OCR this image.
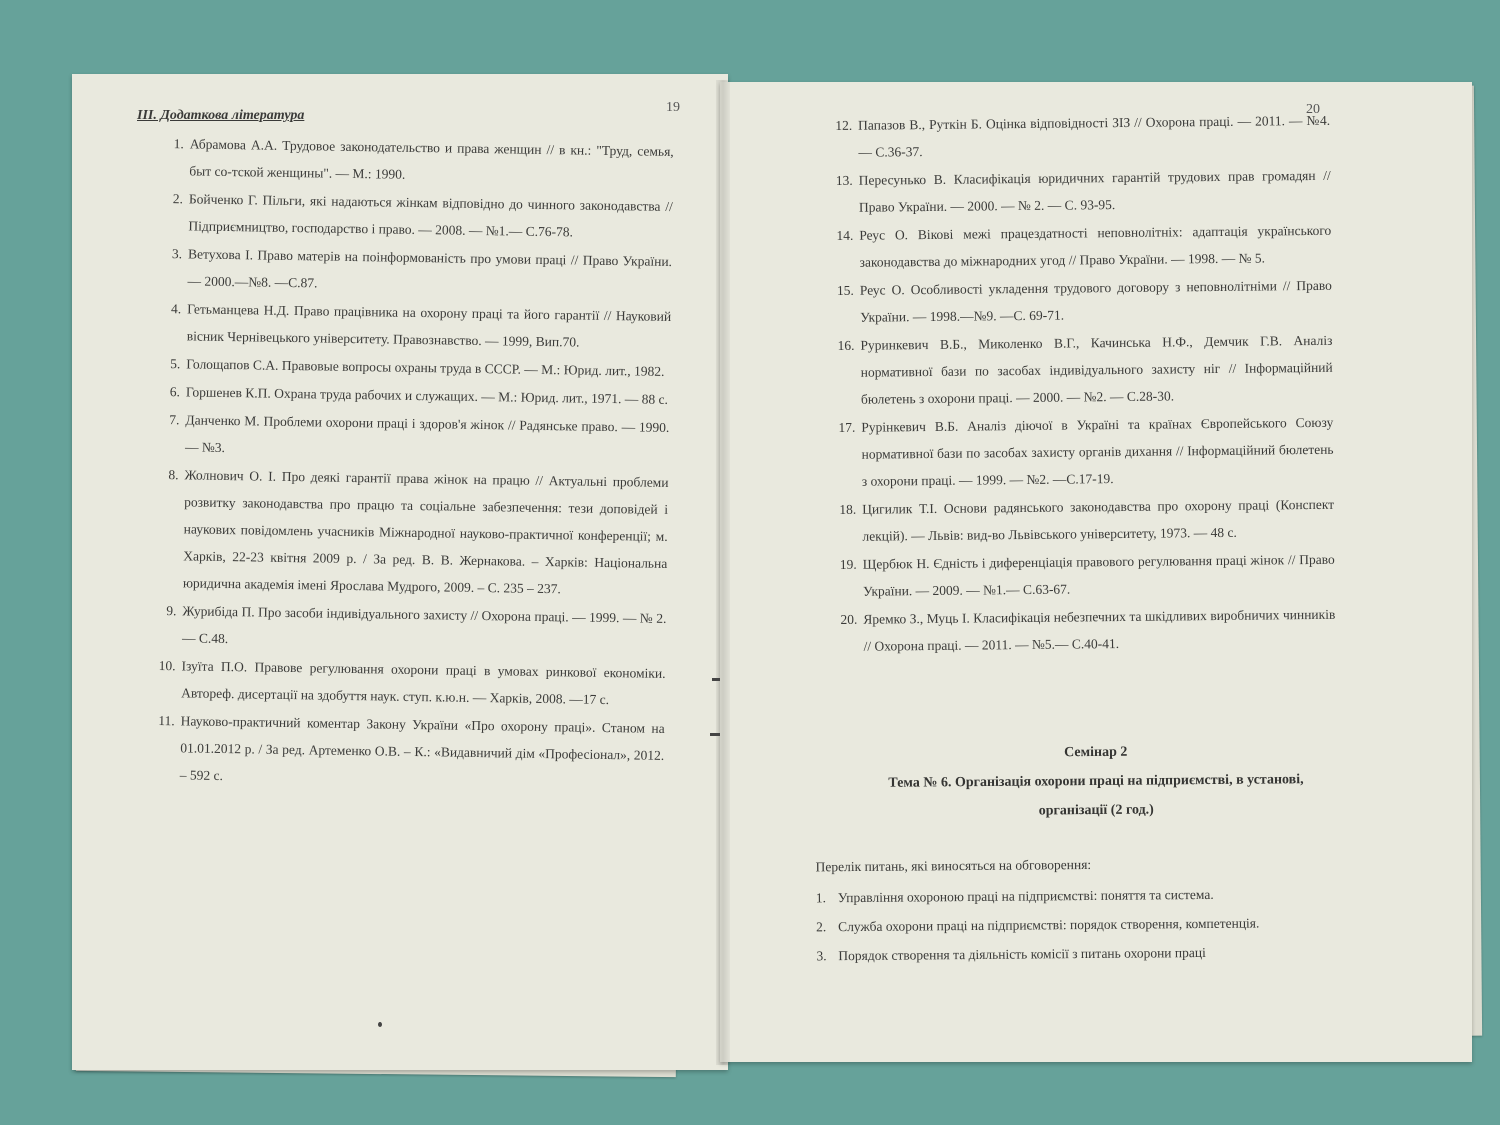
ІІІ. Додаткова література
19
1. Абрамова А.А. Трудовое законодательство и права женщин // в кн.: "Труд, семья, быт со-тской женщины". — М.: 1990.
2. Бойченко Г. Пільги, які надаються жінкам відповідно до чинного законодавства // Підприємництво, господарство і право. — 2008. — №1.— С.76-78.
3. Ветухова І. Право матерів на поінформованість про умови праці // Право України. — 2000.—№8. —С.87.
4. Гетьманцева Н.Д. Право працівника на охорону праці та його гарантії // Науковий вісник Чернівецького університету. Правознавство. — 1999, Вип.70.
5. Голощапов С.А. Правовые вопросы охраны труда в СССР. — М.: Юрид. лит., 1982.
6. Горшенев К.П. Охрана труда рабочих и служащих. — М.: Юрид. лит., 1971. — 88 с.
7. Данченко М. Проблеми охорони праці і здоров'я жінок // Радянське право. — 1990.— №3.
8. Жолнович О. І. Про деякі гарантії права жінок на працю // Актуальні проблеми розвитку законодавства про працю та соціальне забезпечення: тези доповідей і наукових повідомлень учасників Міжнародної науково-практичної конференції; м. Харків, 22-23 квітня 2009 р. / За ред. В. В. Жернакова. – Харків: Національна юридична академія імені Ярослава Мудрого, 2009. – С. 235 – 237.
9. Журибіда П. Про засоби індивідуального захисту // Охорона праці. — 1999. — № 2.— С.48.
10. Ізуїта П.О. Правове регулювання охорони праці в умовах ринкової економіки. Автореф. дисертації на здобуття наук. ступ. к.ю.н. — Харків, 2008. —17 с.
11. Науково-практичний коментар Закону України «Про охорону праці». Станом на 01.01.2012 р. / За ред. Артеменко О.В. – К.: «Видавничий дім «Професіонал», 2012. – 592 с.
20
12. Папазов В., Руткін Б. Оцінка відповідності ЗІЗ // Охорона праці. — 2011. — №4.— С.36-37.
13. Пересунько В. Класифікація юридичних гарантій трудових прав громадян // Право України. — 2000. — № 2. — С. 93-95.
14. Реус О. Вікові межі працездатності неповнолітніх: адаптація українського законодавства до міжнародних угод // Право України. — 1998. — № 5.
15. Реус О. Особливості укладення трудового договору з неповнолітніми // Право України. — 1998.—№9. —С. 69-71.
16. Руринкевич В.Б., Миколенко В.Г., Качинська Н.Ф., Демчик Г.В. Аналіз нормативної бази по засобах індивідуального захисту ніг // Інформаційний бюлетень з охорони праці. — 2000. — №2. — С.28-30.
17. Рурінкевич В.Б. Аналіз діючої в Україні та країнах Європейського Союзу нормативної бази по засобах захисту органів дихання // Інформаційний бюлетень з охорони праці. — 1999. — №2. —С.17-19.
18. Цигилик Т.І. Основи радянського законодавства про охорону праці (Конспект лекцій). — Львів: вид-во Львівського університету, 1973. — 48 с.
19. Щербюк Н. Єдність і диференціація правового регулювання праці жінок // Право України. — 2009. — №1.— С.63-67.
20. Яремко З., Муць І. Класифікація небезпечних та шкідливих виробничих чинників // Охорона праці. — 2011. — №5.— С.40-41.
Семінар 2
Тема № 6. Організація охорони праці на підприємстві, в установі, організації (2 год.)
Перелік питань, які виносяться на обговорення:
1. Управління охороною праці на підприємстві: поняття та система.
2. Служба охорони праці на підприємстві: порядок створення, компетенція.
3. Порядок створення та діяльність комісії з питань охорони праці
